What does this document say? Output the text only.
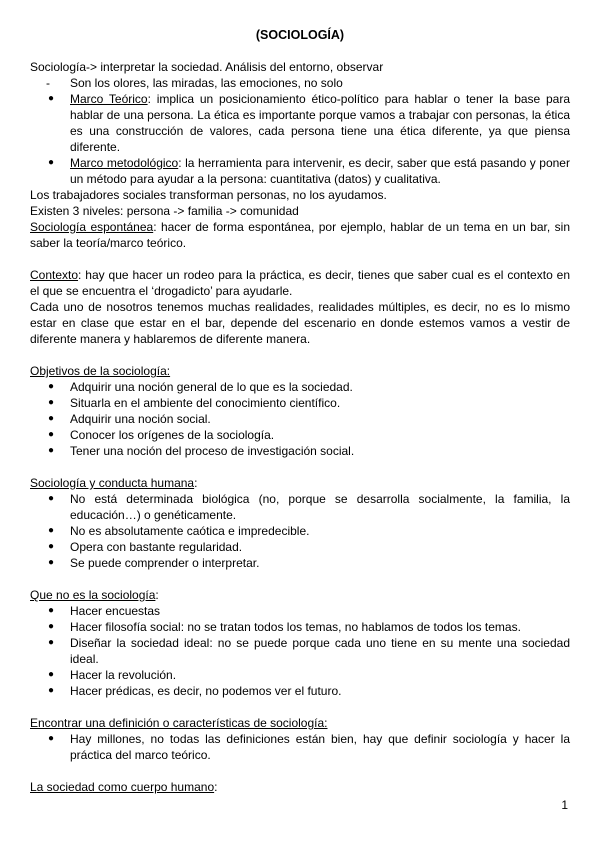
(SOCIOLOGÍA)

Sociología-> interpretar la sociedad. Análisis del entorno, observar

- Son los olores, las miradas, las emociones, no solo
● Marco Teórico: implica un posicionamiento ético-político para hablar o tener la base para hablar de una persona. La ética es importante porque vamos a trabajar con personas, la ética es una construcción de valores, cada persona tiene una ética diferente, ya que piensa diferente.
● Marco metodológico: la herramienta para intervenir, es decir, saber que está pasando y poner un método para ayudar a la persona: cuantitativa (datos) y cualitativa.

Los trabajadores sociales transforman personas, no los ayudamos.

Existen 3 niveles: persona -> familia -> comunidad

Sociología espontánea: hacer de forma espontánea, por ejemplo, hablar de un tema en un bar, sin saber la teoría/marco teórico.

Contexto: hay que hacer un rodeo para la práctica, es decir, tienes que saber cual es el contexto en el que se encuentra el ‘drogadicto’ para ayudarle.

Cada uno de nosotros tenemos muchas realidades, realidades múltiples, es decir, no es lo mismo estar en clase que estar en el bar, depende del escenario en donde estemos vamos a vestir de diferente manera y hablaremos de diferente manera.

Objetivos de la sociología:

● Adquirir una noción general de lo que es la sociedad.
● Situarla en el ambiente del conocimiento científico.
● Adquirir una noción social.
● Conocer los orígenes de la sociología.
● Tener una noción del proceso de investigación social.

Sociología y conducta humana:

● No está determinada biológica (no, porque se desarrolla socialmente, la familia, la educación…) o genéticamente.
● No es absolutamente caótica e impredecible.
● Opera con bastante regularidad.
● Se puede comprender o interpretar.

Que no es la sociología:

● Hacer encuestas
● Hacer filosofía social: no se tratan todos los temas, no hablamos de todos los temas.
● Diseñar la sociedad ideal: no se puede porque cada uno tiene en su mente una sociedad ideal.
● Hacer la revolución.
● Hacer prédicas, es decir, no podemos ver el futuro.

Encontrar una definición o características de sociología:

● Hay millones, no todas las definiciones están bien, hay que definir sociología y hacer la práctica del marco teórico.

La sociedad como cuerpo humano:

1
